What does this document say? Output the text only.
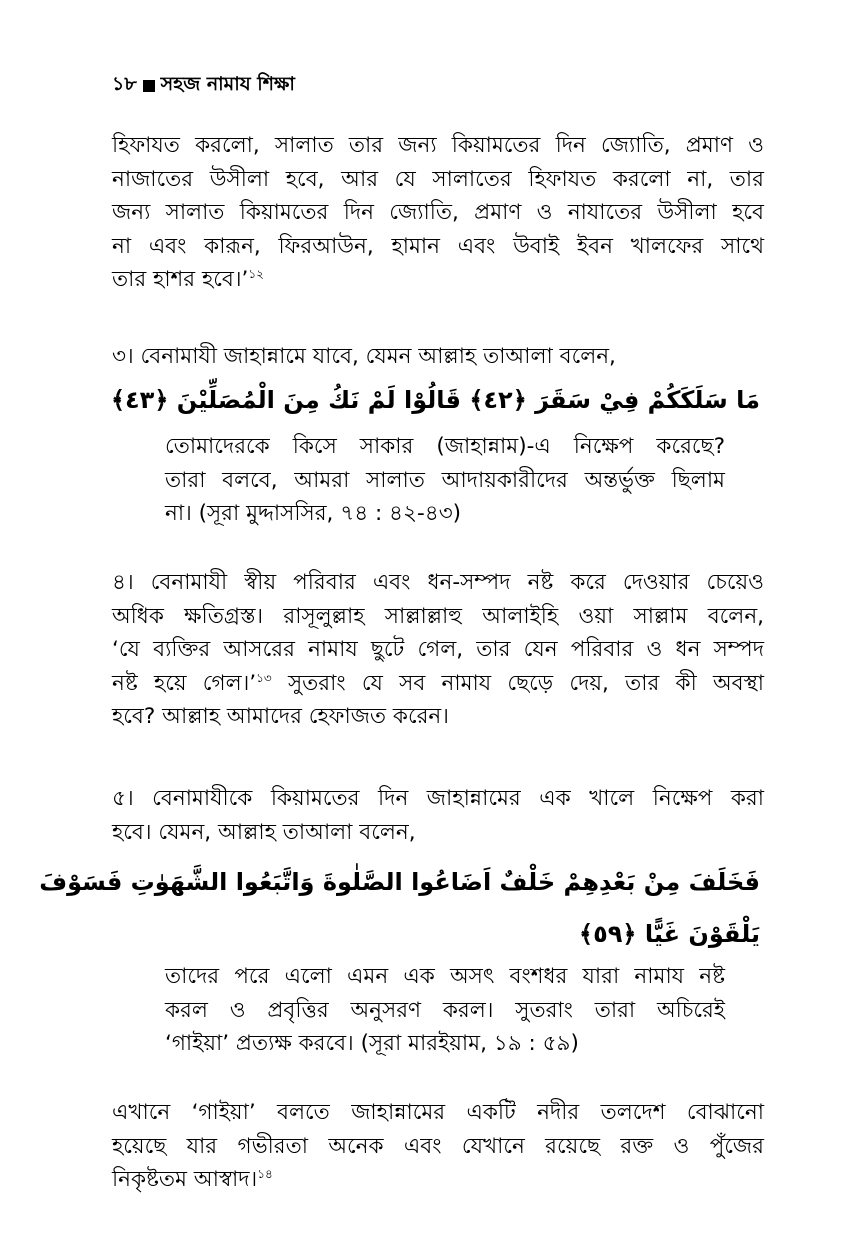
১৮ সহজ নামায শিক্ষা
হিফাযত করলো, সালাত তার জন্য কিয়ামতের দিন জ্যোতি, প্রমাণ ও
নাজাতের উসীলা হবে, আর যে সালাতের হিফাযত করলো না, তার
জন্য সালাত কিয়ামতের দিন জ্যোতি, প্রমাণ ও নাযাতের উসীলা হবে
না এবং কারূন, ফিরআউন, হামান এবং উবাই ইবন খালফের সাথে
তার হাশর হবে।’$^{১২}$
৩। বেনামাযী জাহান্নামে যাবে, যেমন আল্লাহ তাআলা বলেন,
مَا سَلَكَكُمْ فِيْ سَقَرَ ﴿٤٢﴾ قَالُوْا لَمْ نَكُ مِنَ الْمُصَلِّيْنَ ﴿٤٣﴾
তোমাদেরকে কিসে সাকার (জাহান্নাম)-এ নিক্ষেপ করেছে?
তারা বলবে, আমরা সালাত আদায়কারীদের অন্তর্ভুক্ত ছিলাম
না। (সূরা মুদ্দাসসির, ৭৪ : ৪২-৪৩)
৪। বেনামাযী স্বীয় পরিবার এবং ধন-সম্পদ নষ্ট করে দেওয়ার চেয়েও
অধিক ক্ষতিগ্রস্ত। রাসূলুল্লাহ সাল্লাল্লাহু আলাইহি ওয়া সাল্লাম বলেন,
‘যে ব্যক্তির আসরের নামায ছুটে গেল, তার যেন পরিবার ও ধন সম্পদ
নষ্ট হয়ে গেল।’$^{১৩}$ সুতরাং যে সব নামায ছেড়ে দেয়, তার কী অবস্থা
হবে? আল্লাহ আমাদের হেফাজত করেন।
৫। বেনামাযীকে কিয়ামতের দিন জাহান্নামের এক খালে নিক্ষেপ করা
হবে। যেমন, আল্লাহ তাআলা বলেন,
فَخَلَفَ مِنْ بَعْدِهِمْ خَلْفٌ اَضَاعُوا الصَّلٰوةَ وَاتَّبَعُوا الشَّهَوٰتِ فَسَوْفَ
يَلْقَوْنَ غَيًّا ﴿٥٩﴾
তাদের পরে এলো এমন এক অসৎ বংশধর যারা নামায নষ্ট
করল ও প্রবৃত্তির অনুসরণ করল। সুতরাং তারা অচিরেই
‘গাইয়া’ প্রত্যক্ষ করবে। (সূরা মারইয়াম, ১৯ : ৫৯)
এখানে ‘গাইয়া’ বলতে জাহান্নামের একটি নদীর তলদেশ বোঝানো
হয়েছে যার গভীরতা অনেক এবং যেখানে রয়েছে রক্ত ও পুঁজের
নিকৃষ্টতম আস্বাদ।$^{১৪}$
